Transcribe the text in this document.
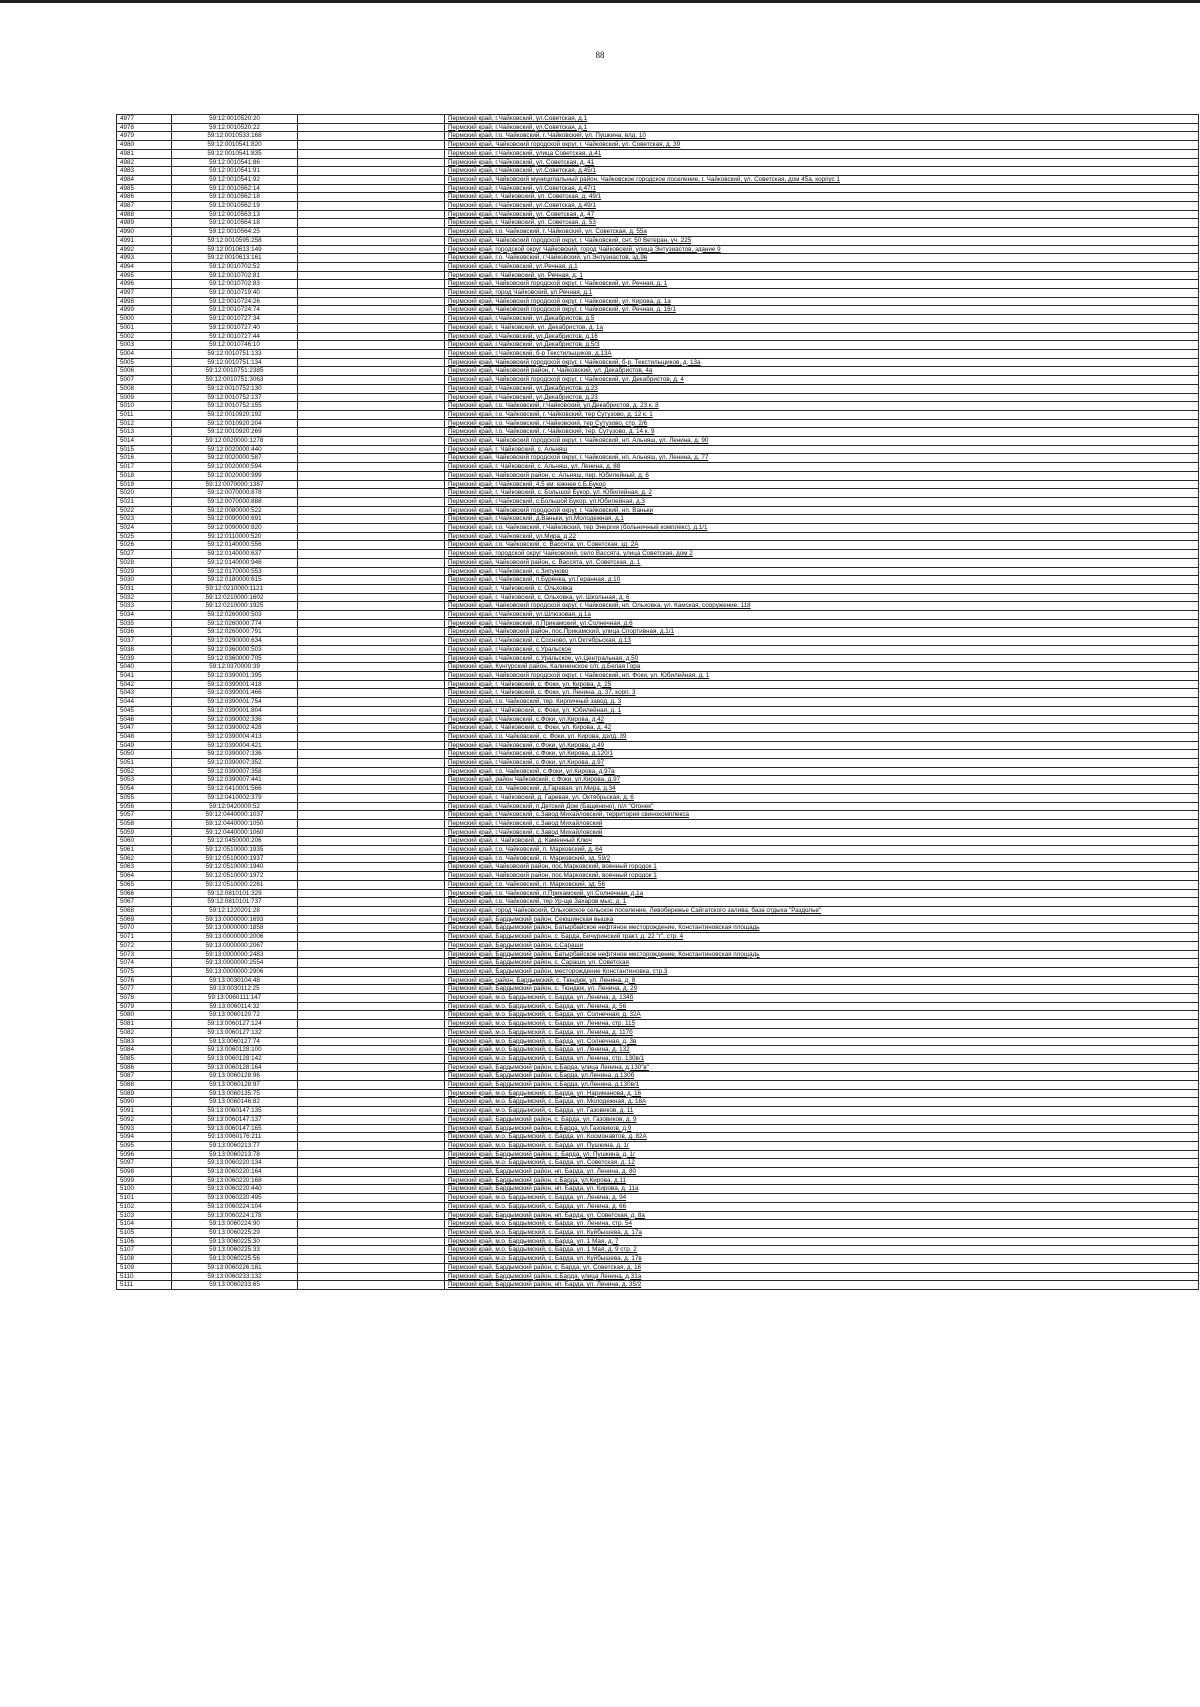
88
4977	59:12:0010520:20		Пермский край, г.Чайковский, ул.Советская, д.1
4978	59:12:0010520:22		Пермский край, г.Чайковский, ул.Советская, д.1
4979	59:12:0010533:168		Пермский край, г.о. Чайковский, г. Чайковский, ул. Пушкина, влд. 10
4980	59:12:0010541:820		Пермский край, Чайковский городской округ, г. Чайковский, ул. Советская, д. 39
4981	59:12:0010541:835		Пермский край, г.Чайковский, улица Советская, д.41
4982	59:12:0010541:86		Пермский край, г.Чайковский, ул. Советская, д. 41
4983	59:12:0010541:91		Пермский край, г.Чайковский, ул.Советская, д.45/1
4984	59:12:0010541:92		Пермский край, Чайковский муниципальный район, Чайковское городское поселение, г. Чайковский, ул. Советская, дом 45а, корпус 1
4985	59:12:0010562:14		Пермский край, г.Чайковский, ул.Советская, д.47/1
4986	59:12:0010562:18		Пермский край, г. Чайковский, ул. Советская, д. 49/1
4987	59:12:0010562:19		Пермский край, г.Чайковский, ул.Советская, д.49/1
4988	59:12:0010563:13		Пермский край, г.Чайковский, ул. Советская, д. 47
4989	59:12:0010564:18		Пермский край, г. Чайковский, ул. Советская, д. 53
4990	59:12:0010564:25		Пермский край, г.о. Чайковский, г. Чайковский, ул. Советская, д. 55а
4991	59:12:0010595:258		Пермский край, Чайковский городской округ, г. Чайковский, снт. 50 Ветеран, уч. 225
4992	59:12:0010613:149		Пермский край, городской округ Чайковский, город Чайковский, улица Энтузиастов, здание 9
4993	59:12:0010613:161		Пермский край, г.о. Чайковский, г.Чайковский, ул.Энтузиастов, зд.9в
4994	59:12:0010702:52		Пермский край, г.Чайковский, ул.Речная, д.1
4995	59:12:0010702:81		Пермский край, г. Чайковский, ул. Речная, д. 1
4996	59:12:0010702:83		Пермский край, Чайковский городской округ, г. Чайковский, ул. Речная, д. 1
4997	59:12:0010719:40		Пермский край, город Чайковский, ул.Речная, д.1
4998	59:12:0010724:26		Пермский край, Чайковский городской округ, г. Чайковский, ул. Кирова, д. 1а
4999	59:12:0010724:74		Пермский край, Чайковский городской округ, г. Чайковский, ул. Речная, д. 16/1
5000	59:12:0010727:34		Пермский край, г.Чайковский, ул.Декабристов, д.5
5001	59:12:0010727:40		Пермский край, г. Чайковский, ул. Декабристов, д. 1а
5002	59:12:0010727:44		Пермский край, г.Чайковский, ул.Декабристов, д.16
5003	59:12:0010746:10		Пермский край, г.Чайковский, ул.Декабристов, д.5/3
5004	59:12:0010751:133		Пермский край, г.Чайковский, б-р Текстильщиков, д.13А
5005	59:12:0010751:134		Пермский край, Чайковский городской округ, г. Чайковский, б-р. Текстильщиков, д. 13а
5006	59:12:0010751:2385		Пермский край, Чайковский район, г. Чайковский, ул. Декабристов, 4а
5007	59:12:0010751:3063		Пермский край, Чайковский городской округ, г. Чайковский, ул. Декабристов, д. 4
5008	59:12:0010752:130		Пермский край, г.Чайковский, ул.Декабристов, д.23
5009	59:12:0010752:137		Пермский край, г.Чайковский, ул.Декабристов, д.23
5010	59:12:0010752:155		Пермский край, г.о. Чайковский, г.Чайковский, ул.Декабристов, д. 23 к. 8
5011	59:12:0010920:192		Пермский край, г.о. Чайковский, г. Чайковский, тер Сутузово, д. 12 к. 1
5012	59:12:0010920:204		Пермский край, г.о. Чайковский, г.Чайковский, тер Сутузово, стр. 2/6
5013	59:12:0010920:269		Пермский край, г.о. Чайковский, г. Чайковский, тер. Сутузово, д. 14 к. 9
5014	59:12:0020000:1278		Пермский край, Чайковский городской округ, г. Чайковский, нп. Альняш, ул. Ленина, д. 90
5015	59:12:0020000:440		Пермский край, г. Чайковский, с. Альняш
5016	59:12:0020000:587		Пермский край, Чайковский городской округ, г. Чайковский, нп. Альняш, ул. Ленина, д. 77
5017	59:12:0020000:594		Пермский край, г. Чайковский, с. Альняш, ул. Ленина, д. 88
5018	59:12:0020000:999		Пермский край, Чайковский район, с. Альняш, пер. Юбилейный, д. 6
5019	59:12:0070000:1387		Пермский край, г.Чайковский, 4,5 км. южнее с.Б.Букор
5020	59:12:0070000:878		Пермский край, г. Чайковский, с. Большой Букор, ул. Юбилейная, д. 2
5021	59:12:0070000:888		Пермский край, г.Чайковский, с.Большой Букор, ул.Юбилейная, д.3
5022	59:12:0080000:522		Пермский край, Чайковский городской округ, г. Чайковский, нп. Ваньки
5023	59:12:0090000:691		Пермский край, г.Чайковский, д.Ваньки, ул.Молодежная, д.1
5024	59:12:0090000:820		Пермский край, г.о. Чайковский, г.Чайковский, тер Энергия (больничный комплекс), д.1/1
5025	59:12:0110000:520		Пермский край, г.Чайковский, ул.Мира, д.22
5026	59:12:0140000:556		Пермский край, г.о. Чайковский, с. Вассята, ул. Советская, зд. 2А
5027	59:12:0140000:637		Пермский край, городской округ Чайковский, село Вассята, улица Советская, дом 2
5028	59:12:0140000:946		Пермский край, Чайковский район, с. Вассята, ул. Советская, д. 1
5029	59:12:0170000:553		Пермский край, г.Чайковский, с.Зипуново
5030	59:12:0180000:615		Пермский край, г.Чайковский, п.Буренка, ул.Геранная, д.10
5031	59:12:0210000:1121		Пермский край, г. Чайковский, с. Ольховка
5032	59:12:0210000:1602		Пермский край, г. Чайковский, с. Ольховка, ул. Школьная, д. 6
5033	59:12:0210000:1925		Пермский край, Чайковский городской округ, г. Чайковский, нп. Ольховка, ул. Камская, сооружение. 118
5034	59:12:0260000:503		Пермский край, г.Чайковский, ул.Шлюзовая, д.1а
5035	59:12:0260000:774		Пермский край, г.Чайковский, п.Прикамский, ул.Солнечная, д.6
5036	59:12:0260000:791		Пермский край, Чайковский район, пос.Прикамский, улица Спортивная, д.1/1
5037	59:12:0290000:634		Пермский край, г.Чайковский, с.Сосново, ул.Октябрьская, д.13
5038	59:12:0360000:503		Пермский край, г.Чайковский, с.Уральское
5039	59:12:0360000:705		Пермский край, г.Чайковский, с.Уральское, ул.Центральная, д.50
5040	59:12:0370000:39		Пермский край, Кунгурский район, Калининское с/п, д.Белая Гора
5041	59:12:0390001:395		Пермский край, Чайковский городской округ, г. Чайковский, нп. Фоки, ул. Юбилейная, д. 1
5042	59:12:0390001:418		Пермский край, г. Чайковский, с. Фоки, ул. Кирова, д. 25
5043	59:12:0390001:466		Пермский край, г. Чайковский, с. Фоки, ул. Ленина, д. 37, корп. 3
5044	59:12:0390001:754		Пермский край, г.о. Чайковский, тер. Кирпичный завод, д. 3
5045	59:12:0390001:804		Пермский край, г. Чайковский, с. Фоки, ул. Юбилейная, д. 1
5046	59:12:0390002:336		Пермский край, г.Чайковский, с.Фоки, ул.Кирова, д.42
5047	59:12:0390002:428		Пермский край, г. Чайковский, с. Фоки, ул. Кирова, д. 42
5048	59:12:0390004:413		Пермский край, г.о. Чайковский, с. Фоки, ул. Кирова, дзлд. 39
5049	59:12:0390004:421		Пермский край, г.Чайковский, с.Фоки, ул.Кирова, д.49
5050	59:12:0390007:336		Пермский край, г.Чайковский, с.Фоки, ул.Кирова, д.120/1
5051	59:12:0390007:352		Пермский край, г.Чайковский, с.Фоки, ул.Кирова, д.97
5052	59:12:0390007:358		Пермский край, г.о. Чайковский, с.Фоки, ул.Кирова, д.97а
5053	59:12:0390007:441		Пермский край, район Чайковский, с.Фоки, ул.Кирова, д.97
5054	59:12:0410001:566		Пермский край, г.о. Чайковский, д.Гаревая, ул.Мира, д.34
5055	59:12:0410002:379		Пермский край, г. Чайковский, д. Гаревая, ул. Октябрьская, д. 6
5056	59:12:0420000:52		Пермский край, г.Чайковский, п.Детский Дом (Бащенино), п/л "Огонек"
5057	59:12:0440000:1037		Пермский край, г.Чайковский, с.Завод Михайловский, территория свинокомплекса
5058	59:12:0440000:1050		Пермский край, г.Чайковский, с.Завод Михайловский
5059	59:12:0440000:1060		Пермский край, г.Чайковский, с.Завод Михайловский
5060	59:12:0450000:206		Пермский край, г. Чайковский, д. Каменный Ключ
5061	59:12:0510000:1935		Пермский край, г.о. Чайковский, п. Марковский, д. 64
5062	59:12:0510000:1937		Пермский край, г.о. Чайковский, п. Марковский, зд. 59/2
5063	59:12:0510000:1940		Пермский край, Чайковский район, пос.Марковский, военный городок 1
5064	59:12:0510000:1972		Пермский край, Чайковский район, пос.Марковский, военный городок 1
5065	59:12:0510000:2261		Пермский край, г.о. Чайковский, п. Марковский, зд. 56
5066	59:12:0810101:329		Пермский край, г.о. Чайковский, п.Прикамский, ул.Солнечная, д.1а
5067	59:12:0810101:737		Пермский край, г.о. Чайковский, тер Ур-ще Захаров мыс, д. 1
5068	59:12:1220201:28		Пермский край, город Чайковский, Ольховское сельское поселение, Левобережье Сайгатского залива, база отдыха "Раздолье"
5069	59:13:0000000:1693		Пермский край, Бардымский район, Сеюшинская вышка
5070	59:13:0000000:1858		Пермский край, Бардымский район, Батырбайское нефтяное месторождение, Константиновская площадь
5071	59:13:0000000:2006		Пермский край, Бардымский район, с. Барда, Бичуринский тракт, д. 22 "г", стр. 4
5072	59:13:0000000:2067		Пермский край, Бардымский район, с.Сараши
5073	59:13:0000000:2483		Пермский край, Бардымский район, Батырбайское нефтяное месторождение, Константиновская площадь
5074	59:13:0000000:2554		Пермский край, Бардымский район, с. Сараши, ул. Советская
5075	59:13:0000000:2906		Пермский край, Бардымский район, месторождение Константиновка, стр.3
5076	59:13:0030104:48		Пермский край, район, Бардымский, с. Тюндюк, ул. Ленина, д. 8
5077	59:13:0030112:25		Пермский край, Бардымский район, с. Тюндюк, ул. Ленина, д. 29
5078	59:13:0060111:147		Пермский край, м.о. Бардымский, с. Барда, ул. Ленина, д. 134б
5079	59:13:0060114:32		Пермский край, м.о. Бардымский, с. Барда, ул. Ленина, д. 56
5080	59:13:0060120:72		Пермский край, м.о. Бардымский, с. Барда, ул. Солнечная, д. 32А
5081	59:13:0060127:124		Пермский край, м.о. Бардымский, с. Барда, ул. Ленина, стр. 115
5082	59:13:0060127:132		Пермский край, м.о. Бардымский, с. Барда, ул. Ленина, д. 117б
5083	59:13:0060127:74		Пермский край, м.о. Бардымский, с. Барда, ул. Солнечная, д. 3в
5084	59:13:0060128:100		Пермский край, м.о. Бардымский, с. Барда, ул. Ленина, д. 132
5085	59:13:0060128:142		Пермский край, м.о. Бардымский, с. Барда, ул. Ленина, стр. 130в/1
5086	59:13:0060128:164		Пермский край, Бардымский район, с.Барда, улица Ленина, д.130"в"
5087	59:13:0060128:96		Пермский край, Бардымский район, с.Барда, ул.Ленина, д.130б
5088	59:13:0060128:97		Пермский край, Бардымский район, с.Барда, ул.Ленина, д.130в/1
5089	59:13:0060135:75		Пермский край, м.о. Бардымский, с. Барда, ул. Нариманова, д. 16
5090	59:13:0060146:82		Пермский край, м.о. Бардымский, с. Барда, ул. Молодежная, д. 18А
5091	59:13:0060147:135		Пермский край, м.о. Бардымский, с. Барда, ул. Газовиков, д. 11
5092	59:13:0060147:137		Пермский край, Бардымский район, с. Барда, ул. Газовиков, д. 9
5093	59:13:0060147:165		Пермский край, Бардымский район, с.Барда, ул.Газовиков, д.9
5094	59:13:0060176:211		Пермский край, м.о. Бардымский, с. Барда, ул. Космонавтов, д. 82А
5095	59:13:0060213:77		Пермский край, м.о. Бардымский, с. Барда, ул. Пушкина, д. 1г
5096	59:13:0060213:78		Пермский край, Бардымский район, с. Барда, ул. Пушкина, д. 1г
5097	59:13:0060220:134		Пермский край, м.о. Бардымский, с. Барда, ул. Советская, д. 12
5098	59:13:0060220:164		Пермский край, Бардымский район, нп. Барда, ул. Ленина, д. 80
5099	59:13:0060220:168		Пермский край, Бардымский район, с.Барда, ул.Кирова, д.11
5100	59:13:0060220:440		Пермский край, Бардымский район, нп. Барда, ул. Кирова, д. 11а
5101	59:13:0060220:495		Пермский край, м.о. Бардымский, с. Барда, ул. Ленина, д. 94
5102	59:13:0060224:104		Пермский край, м.о. Бардымский, с. Барда, ул. Ленина, д. 66
5103	59:13:0060224:178		Пермский край, Бардымский район, нп. Барда, ул. Советская, д. 8а
5104	59:13:0060224:90		Пермский край, м.о. Бардымский, с. Барда, ул. Ленина, стр. 54
5105	59:13:0060225:29		Пермский край, м.о. Бардымский, с. Барда, ул. Куйбышева, д. 17а
5106	59:13:0060225:30		Пермский край, м.о. Бардымский, с. Барда, ул. 1 Мая, д. 7
5107	59:13:0060225:33		Пермский край, м.о. Бардымский, с. Барда, ул. 1 Мая, д. 9 стр. 2
5108	59:13:0060225:56		Пермский край, м.о. Бардымский, с. Барда, ул. Куйбышева, д. 17в
5109	59:13:0060226:181		Пермский край, Бардымский район, с. Барда, ул. Советская, д. 16
5110	59:13:0060233:132		Пермский край, Бардымский район, с.Барда, улица Ленина, д.31а
5111	59:13:0060233:65		Пермский край, Бардымский район, нп. Барда, ул. Ленина, д. 35/2
